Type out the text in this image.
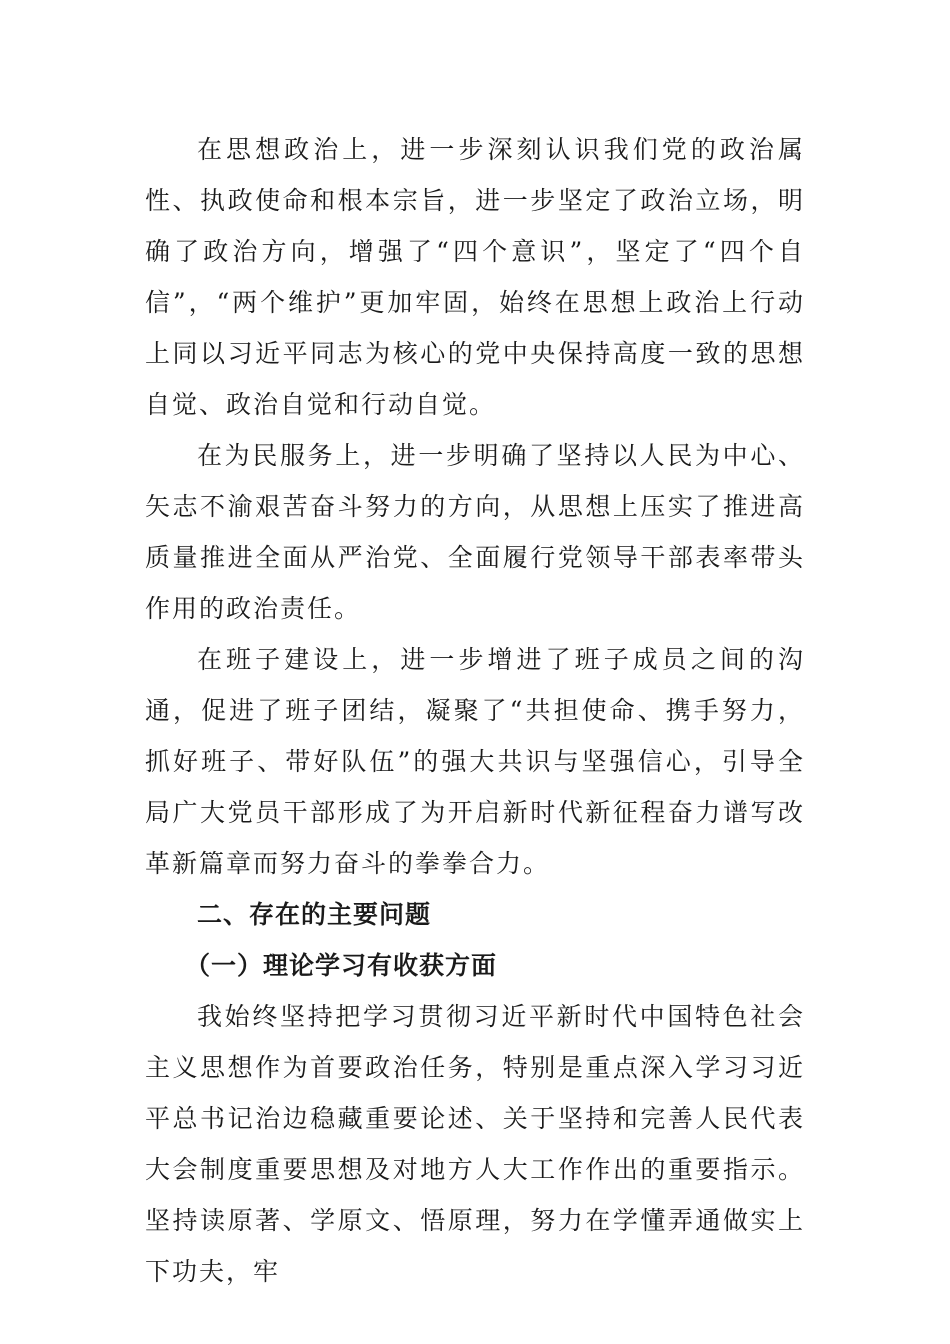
在思想政治上，进一步深刻认识我们党的政治属性、执政使命和根本宗旨，进一步坚定了政治立场，明确了政治方向，增强了“四个意识”，坚定了“四个自信”，“两个维护”更加牢固，始终在思想上政治上行动上同以习近平同志为核心的党中央保持高度一致的思想自觉、政治自觉和行动自觉。

在为民服务上，进一步明确了坚持以人民为中心、矢志不渝艰苦奋斗努力的方向，从思想上压实了推进高质量推进全面从严治党、全面履行党领导干部表率带头作用的政治责任。

在班子建设上，进一步增进了班子成员之间的沟通，促进了班子团结，凝聚了“共担使命、携手努力，抓好班子、带好队伍”的强大共识与坚强信心，引导全局广大党员干部形成了为开启新时代新征程奋力谱写改革新篇章而努力奋斗的拳拳合力。

二、存在的主要问题
（一）理论学习有收获方面

我始终坚持把学习贯彻习近平新时代中国特色社会主义思想作为首要政治任务，特别是重点深入学习习近平总书记治边稳藏重要论述、关于坚持和完善人民代表大会制度重要思想及对地方人大工作作出的重要指示。坚持读原著、学原文、悟原理，努力在学懂弄通做实上下功夫，牢
